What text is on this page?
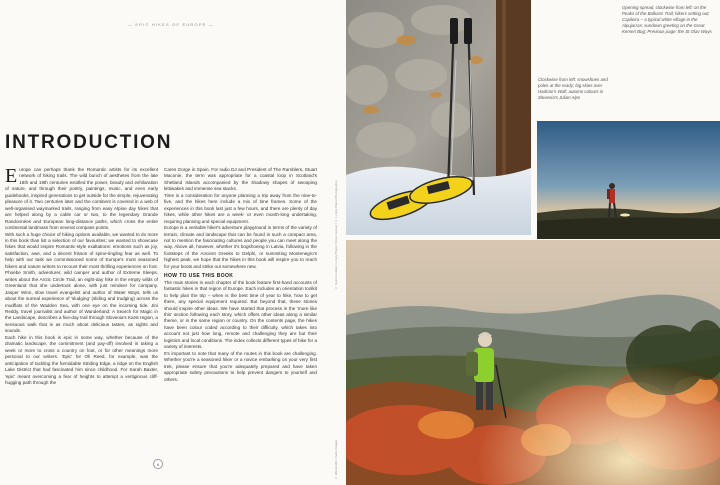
— EPIC HIKES OF EUROPE —
INTRODUCTION

Europe can perhaps thank the Romantic artists for its excellent network of hiking trails. The wild bunch of aesthetes from the late 18th and 19th centuries extolled the power, beauty and exhilaration of nature, and through their poetry, paintings, music, and even early guidebooks, inspired generations to get outside for the simple, rejuvenating pleasure of it. Two centuries later and the continent is covered in a web of well-organised waymarked trails, ranging from easy Alpine day hikes that are helped along by a cable car or two, to the legendary Grande Randonnées and European long-distance paths, which cross the entire continental landmass from several compass points.

With such a huge choice of hiking options available, we wanted to do more in this book than list a selection of our favourites; we wanted to showcase hikes that would inspire Romantic-style exaltations: emotions such as joy, satisfaction, awe, and a decent frisson of spine-tingling fear as well. To help with our task we commissioned some of Europe's most seasoned hikers and nature writers to recount their most thrilling experiences on foot. Phoebe Smith, adventurer, wild camper and author of Extreme Sleeps, writes about the Arctic Circle Trail, an eight-day hike in the empty wilds of Greenland that she undertook alone, with just reindeer for company. Jasper Winn, slow travel evangelist and author of Water Ways, tells us about the surreal experience of 'sludging' (sliding and trudging) across the mudflats of the Wadden Sea, with one eye on the incoming tide. Jini Reddy, travel journalist and author of Wanderland: A Search for Magic in the Landscape, describes a five-day trail through Slovenia's Karst region, a sensuous walk that is as much about delicious tastes, as sights and sounds.

Each hike in this book is epic in some way, whether because of the dramatic landscape, the commitment (and pay-off) involved in taking a week or more to cross a country on foot, or for other meanings more personal to our writers. 'Epic' for Oli Reed, for example, was the anticipation of tackling the formidable Striding Edge, a ridge on the English Lake District that had fascinated him since childhood. For Sarah Baxter, 'epic' meant overcoming a fear of heights to attempt a vertiginous cliff-hugging path through the

Cares Gorge in Spain. For radio DJ and President of The Ramblers, Stuart Maconie, the term was appropriate for a coastal loop in Scotland's Shetland Islands accompanied by the shadowy shapes of swooping kittiwakes and immense sea stacks.

Time is a consideration for anyone planning a trip away from the nine-to-five, and the hikes here include a mix of time frames. Some of the experiences in this book last just a few hours, and there are plenty of day hikes, while other hikes are a week- or even month-long undertaking, requiring planning and special equipment.

Europe is a veritable hiker's adventure playground in terms of the variety of terrain, climate and landscape that can be found in such a compact area, not to mention the fascinating cultures and people you can meet along the way. Above all, however, whether it's bogshoeing in Latvia, following in the footsteps of the Ancient Greeks to Delphi, or summiting Montenegro's highest peak, we hope that the hikes in this book will inspire you to reach for your boots and strike out somewhere new.

HOW TO USE THIS BOOK

The main stories in each chapter of the book feature first-hand accounts of fantastic hikes in that region of Europe. Each includes an orientation toolkit to help plan the trip – when is the best time of year to hike, how to get there, any special equipment required. But beyond that, these stories should inspire other ideas. We have started that process in the 'more like this' section following each story, which offers other ideas along a similar theme, or in the same region or country. On the contents page, the hikes have been colour coded according to their difficulty, which takes into account not just how long, remote and challenging they are but their logistics and local conditions. The index collects different types of hike for a variety of interests.

It's important to note that many of the routes in this book are challenging. Whether you're a seasoned hiker or a novice embarking on your very first trek, please ensure that you're adequately prepared and have taken appropriate safety precautions to help prevent dangers to yourself and others.

6
© Justin Foulkes / Lonely Planet; Simon Jessop / © Lonely Planet Photographer
© Westend61 / Getty Images
Clockwise from left: snowshoes and poles at the ready; big skies over Hadrian's Wall; autumn colours in Slovenia's Julian Alps
Opening spread, clockwise from left: on the Peaks of the Balkans Trail; hikers setting out; Capileira – a typical white village in the Alpujarras; sundown greeting on the Great Kemeri Bog; Previous page: the St Olav Ways
